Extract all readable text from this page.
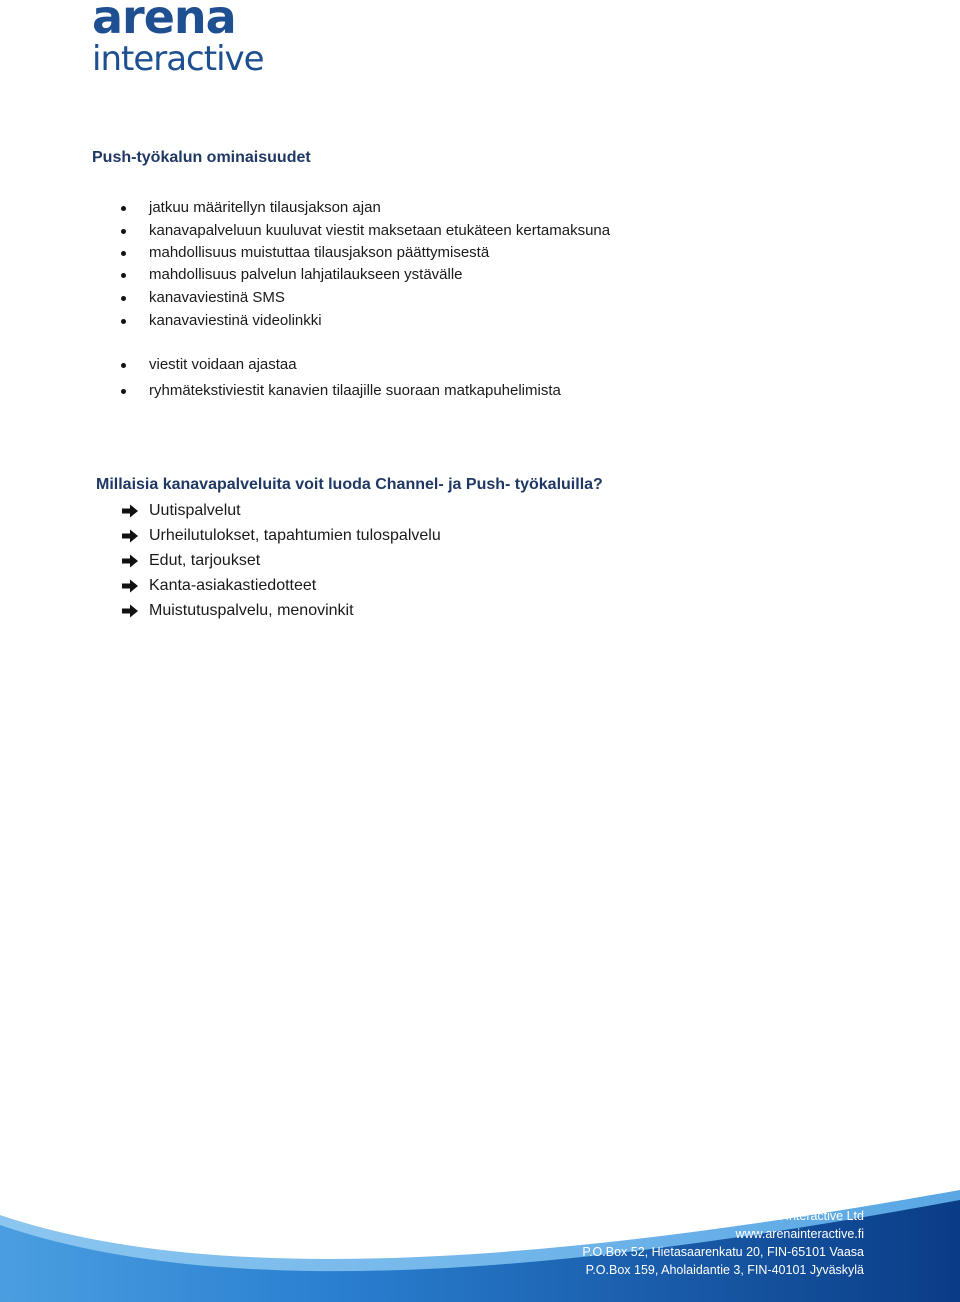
arena
interactive
Push-työkalun ominaisuudet
jatkuu määritellyn tilausjakson ajan
kanavapalveluun kuuluvat viestit maksetaan etukäteen kertamaksuna
mahdollisuus muistuttaa tilausjakson päättymisestä
mahdollisuus palvelun lahjatilaukseen ystävälle
kanavaviestinä SMS
kanavaviestinä videolinkki
viestit voidaan ajastaa
ryhmätekstiviestit kanavien tilaajille suoraan matkapuhelimista
Millaisia kanavapalveluita voit luoda Channel- ja Push- työkaluilla?
Uutispalvelut
Urheilutulokset, tapahtumien tulospalvelu
Edut, tarjoukset
Kanta-asiakastiedotteet
Muistutuspalvelu, menovinkit
Arena Interactive Ltd
www.arenainteractive.fi
P.O.Box 52, Hietasaarenkatu 20, FIN-65101 Vaasa
P.O.Box 159, Aholaidantie 3, FIN-40101 Jyväskylä
